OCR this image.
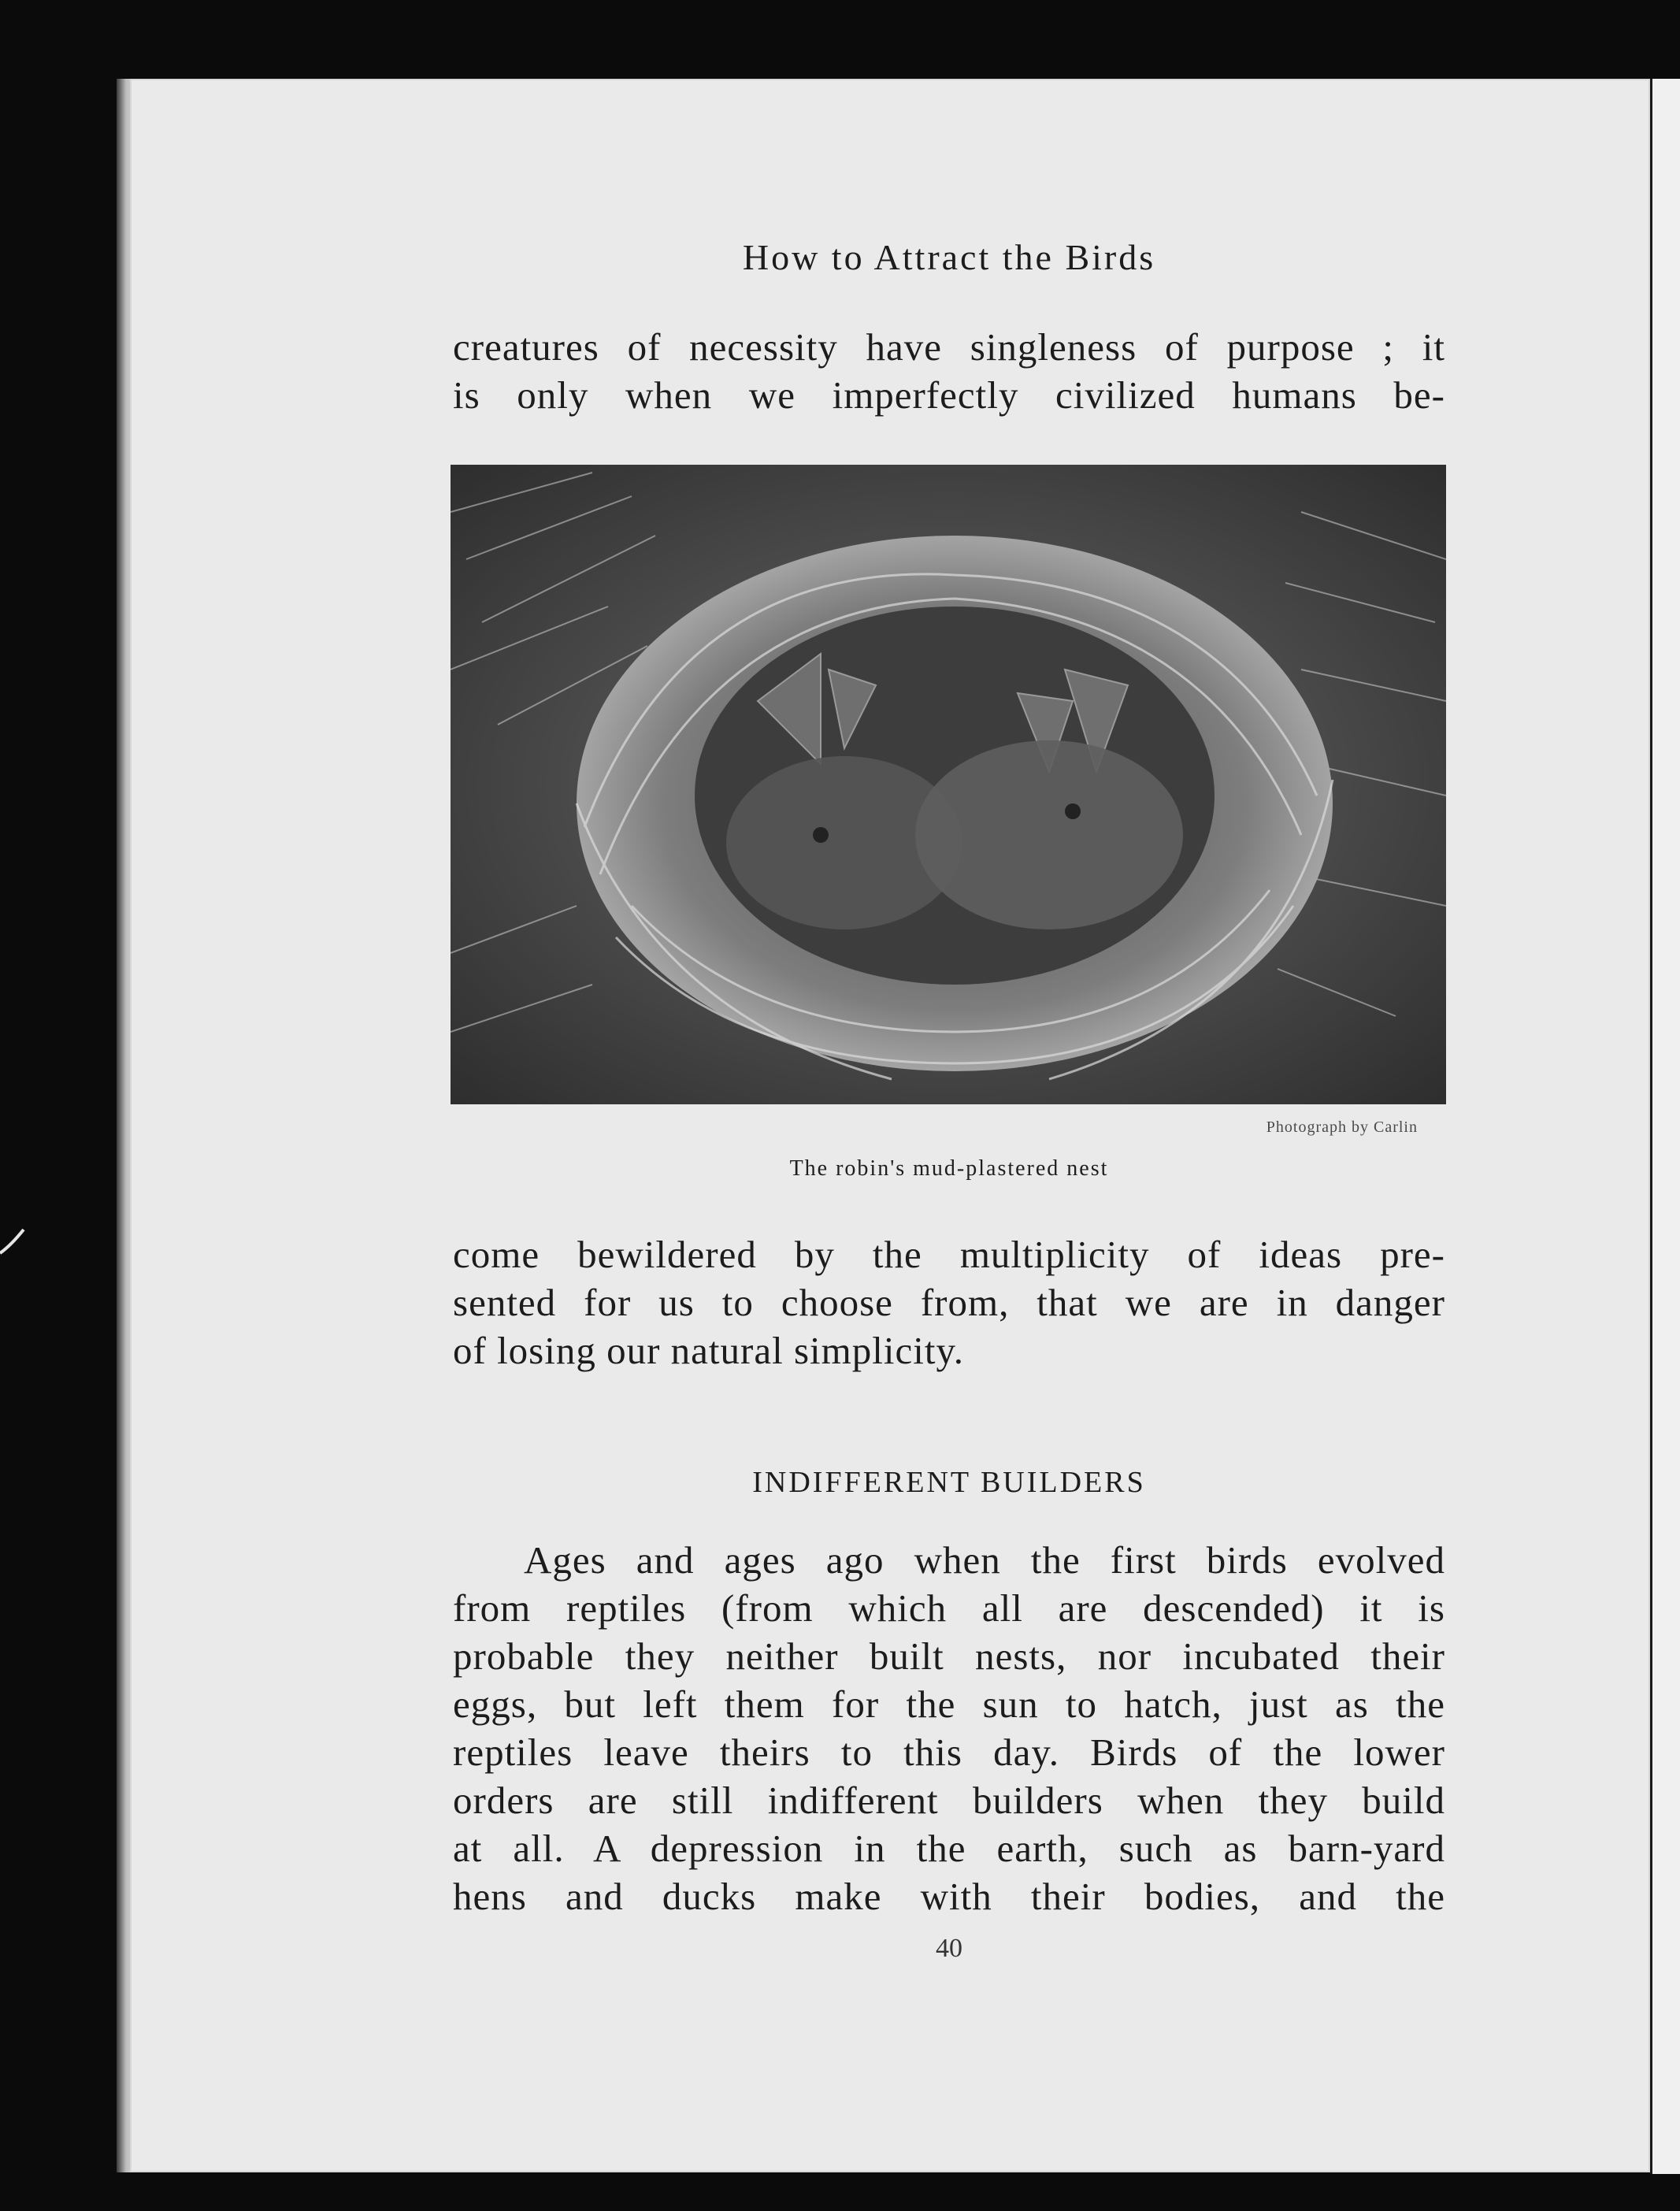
How to Attract the Birds

creatures of necessity have singleness of purpose ; it

is only when we imperfectly civilized humans be-

Photograph by Carlin
The robin's mud-plastered nest

come bewildered by the multiplicity of ideas pre-

sented for us to choose from, that we are in danger

of losing our natural simplicity.

INDIFFERENT BUILDERS

Ages and ages ago when the first birds evolved

from reptiles (from which all are descended) it is

probable they neither built nests, nor incubated their

eggs, but left them for the sun to hatch, just as the

reptiles leave theirs to this day. Birds of the lower

orders are still indifferent builders when they build

at all. A depression in the earth, such as barn-yard

hens and ducks make with their bodies, and the

40
